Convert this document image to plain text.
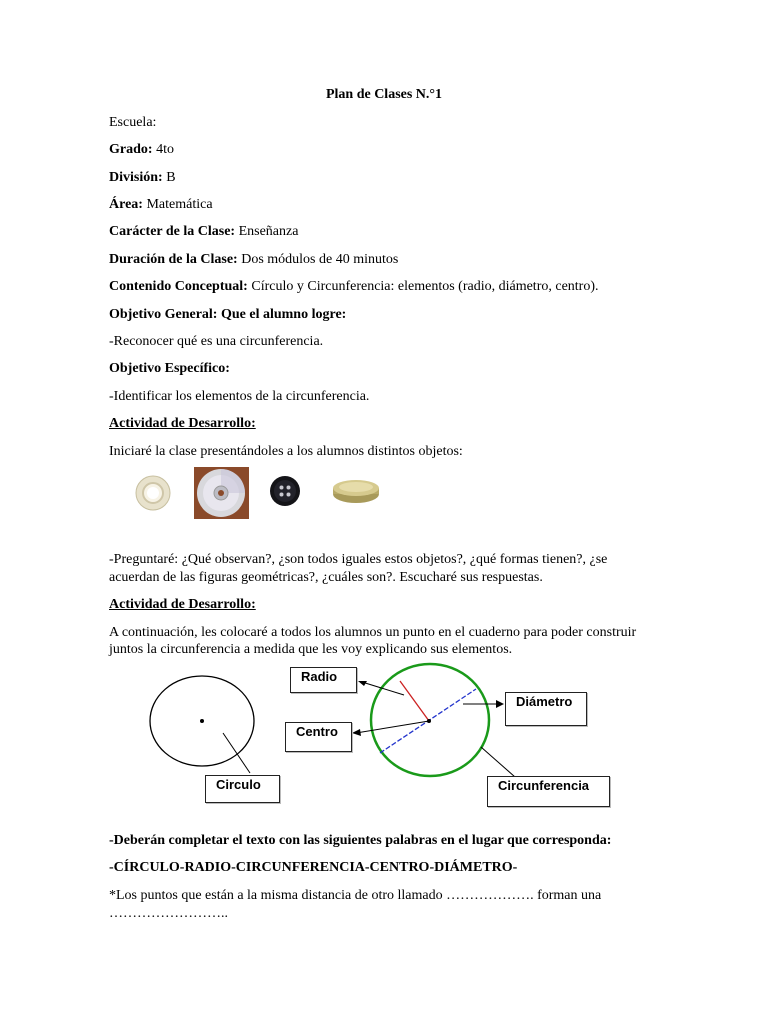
Plan de Clases N.°1
Escuela:
Grado: 4to
División: B
Área: Matemática
Carácter de la Clase: Enseñanza
Duración de la Clase: Dos módulos de 40 minutos
Contenido Conceptual: Círculo y Circunferencia: elementos (radio, diámetro, centro).
Objetivo General: Que el alumno logre:
-Reconocer qué es una circunferencia.
Objetivo Específico:
-Identificar los elementos de la circunferencia.
Actividad de Desarrollo:
Iniciaré la clase presentándoles a los alumnos distintos objetos:
-Preguntaré: ¿Qué observan?, ¿son todos iguales estos objetos?, ¿qué formas tienen?, ¿se
acuerdan de las figuras geométricas?, ¿cuáles son?. Escucharé sus respuestas.
Actividad de Desarrollo:
A continuación, les colocaré a todos los alumnos un punto en el cuaderno para poder construir
juntos la circunferencia a medida que les voy explicando sus elementos.
Radio
Centro
Diámetro
Circulo	Circunferencia
-Deberán completar el texto con las siguientes palabras en el lugar que corresponda:
-CÍRCULO-RADIO-CIRCUNFERENCIA-CENTRO-DIÁMETRO-
*Los puntos que están a la misma distancia de otro llamado ………………. forman una
……………………..
